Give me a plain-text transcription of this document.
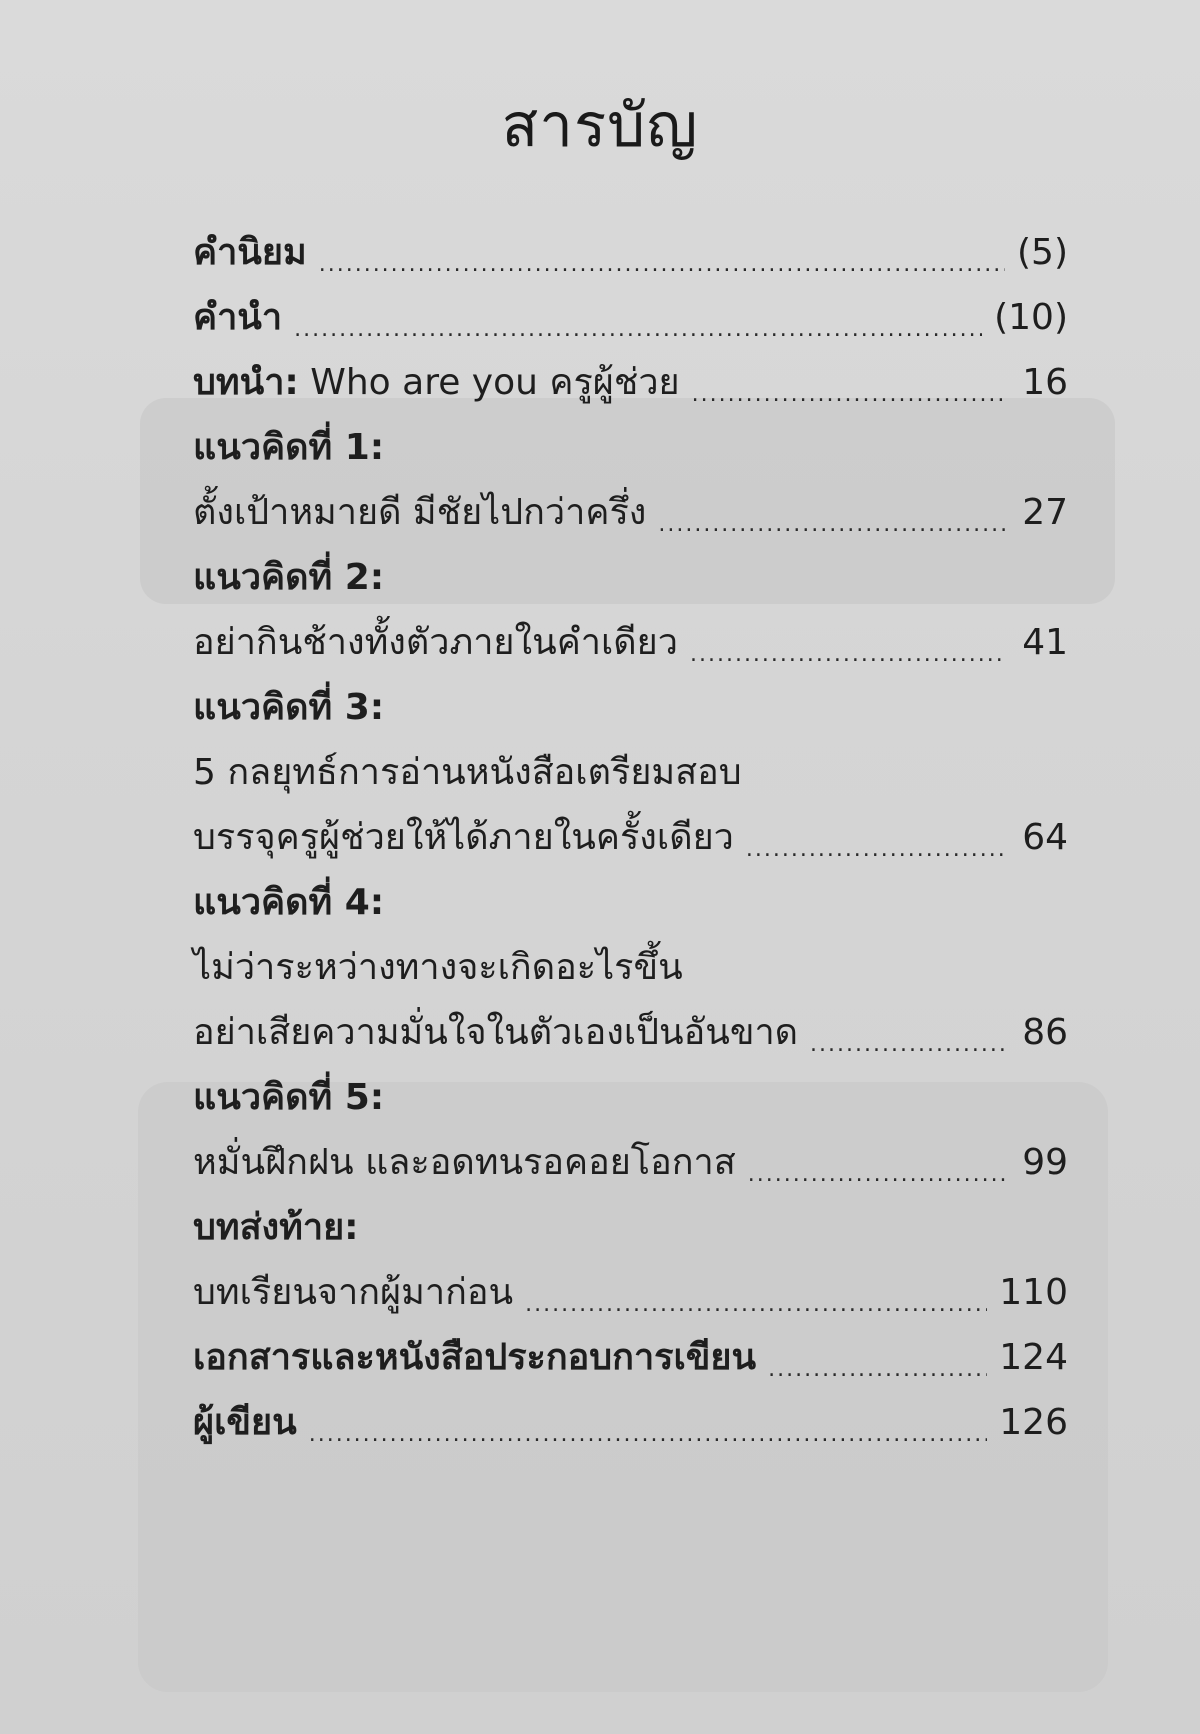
สารบัญ
คำนิยม .....	(5)
คำนำ .....	(10)
บทนำ: Who are you ครูผู้ช่วย .....	16
แนวคิดที่ 1:
ตั้งเป้าหมายดี มีชัยไปกว่าครึ่ง .....	27
แนวคิดที่ 2:
อย่ากินช้างทั้งตัวภายในคำเดียว .....	41
แนวคิดที่ 3:
5 กลยุทธ์การอ่านหนังสือเตรียมสอบ
บรรจุครูผู้ช่วยให้ได้ภายในครั้งเดียว .....	64
แนวคิดที่ 4:
ไม่ว่าระหว่างทางจะเกิดอะไรขึ้น
อย่าเสียความมั่นใจในตัวเองเป็นอันขาด .....	86
แนวคิดที่ 5:
หมั่นฝึกฝน และอดทนรอคอยโอกาส .....	99
บทส่งท้าย:
บทเรียนจากผู้มาก่อน .....	110
เอกสารและหนังสือประกอบการเขียน .....	124
ผู้เขียน .....	126
